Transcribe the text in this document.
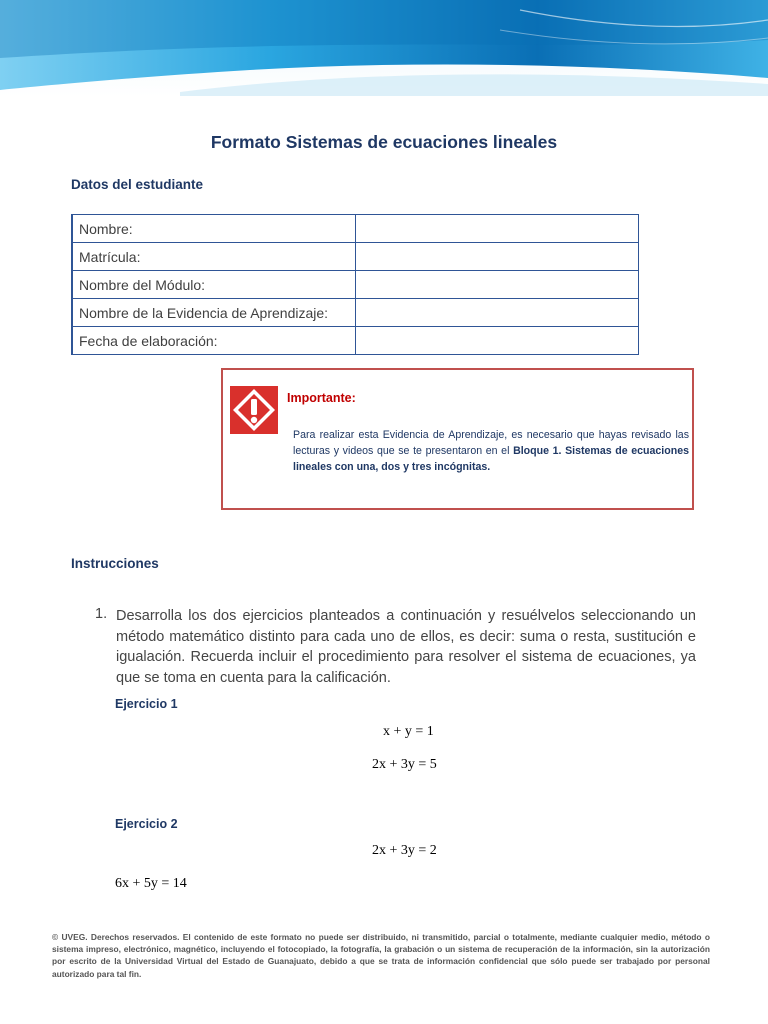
Formato Sistemas de ecuaciones lineales
Datos del estudiante
Nombre:	
Matrícula:	
Nombre del Módulo:	
Nombre de la Evidencia de Aprendizaje:	
Fecha de elaboración:	
Importante:
Para realizar esta Evidencia de Aprendizaje, es necesario que hayas revisado las lecturas y videos que se te presentaron en el Bloque 1. Sistemas de ecuaciones lineales con una, dos y tres incógnitas.
Instrucciones
1. Desarrolla los dos ejercicios planteados a continuación y resuélvelos seleccionando un método matemático distinto para cada uno de ellos, es decir: suma o resta, sustitución e igualación. Recuerda incluir el procedimiento para resolver el sistema de ecuaciones, ya que se toma en cuenta para la calificación.
Ejercicio 1
x + y = 1
2x + 3y = 5
Ejercicio 2
2x + 3y = 2
6x + 5y = 14
© UVEG. Derechos reservados. El contenido de este formato no puede ser distribuido, ni transmitido, parcial o totalmente, mediante cualquier medio, método o sistema impreso, electrónico, magnético, incluyendo el fotocopiado, la fotografía, la grabación o un sistema de recuperación de la información, sin la autorización por escrito de la Universidad Virtual del Estado de Guanajuato, debido a que se trata de información confidencial que sólo puede ser trabajado por personal autorizado para tal fin.
